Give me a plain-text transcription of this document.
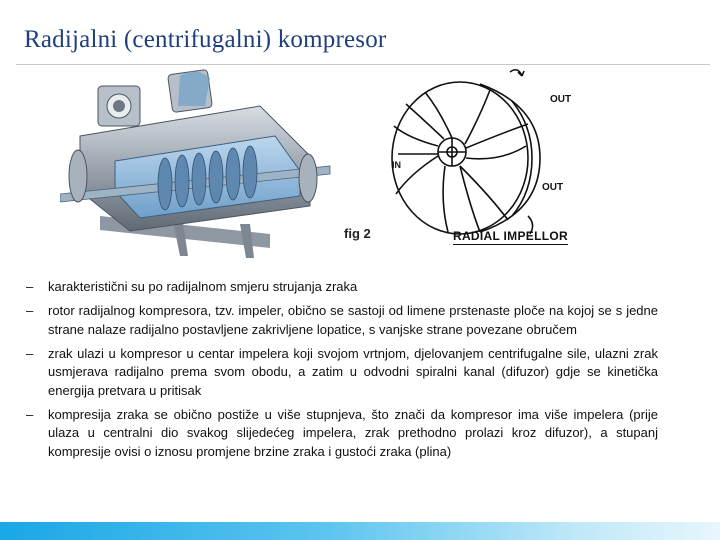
Radijalni (centrifugalni) kompresor
OUT
OUT
IN
fig 2	RADIAL IMPELLOR
–	karakteristični su po radijalnom smjeru strujanja zraka
–	rotor radijalnog kompresora, tzv. impeler, obično se sastoji od limene prstenaste ploče na kojoj se s jedne strane nalaze radijalno postavljene zakrivljene lopatice, s vanjske strane povezane obručem
–	zrak ulazi u kompresor u centar impelera koji svojom vrtnjom, djelovanjem centrifugalne sile, ulazni zrak usmjerava radijalno prema svom obodu, a zatim u odvodni spiralni kanal (difuzor) gdje se kinetička energija pretvara u pritisak
–	kompresija zraka se obično postiže u više stupnjeva, što znači da kompresor ima više impelera (prije ulaza u centralni dio svakog slijedećeg impelera, zrak prethodno prolazi kroz difuzor), a stupanj kompresije ovisi o iznosu promjene brzine zraka i gustoći zraka (plina)
